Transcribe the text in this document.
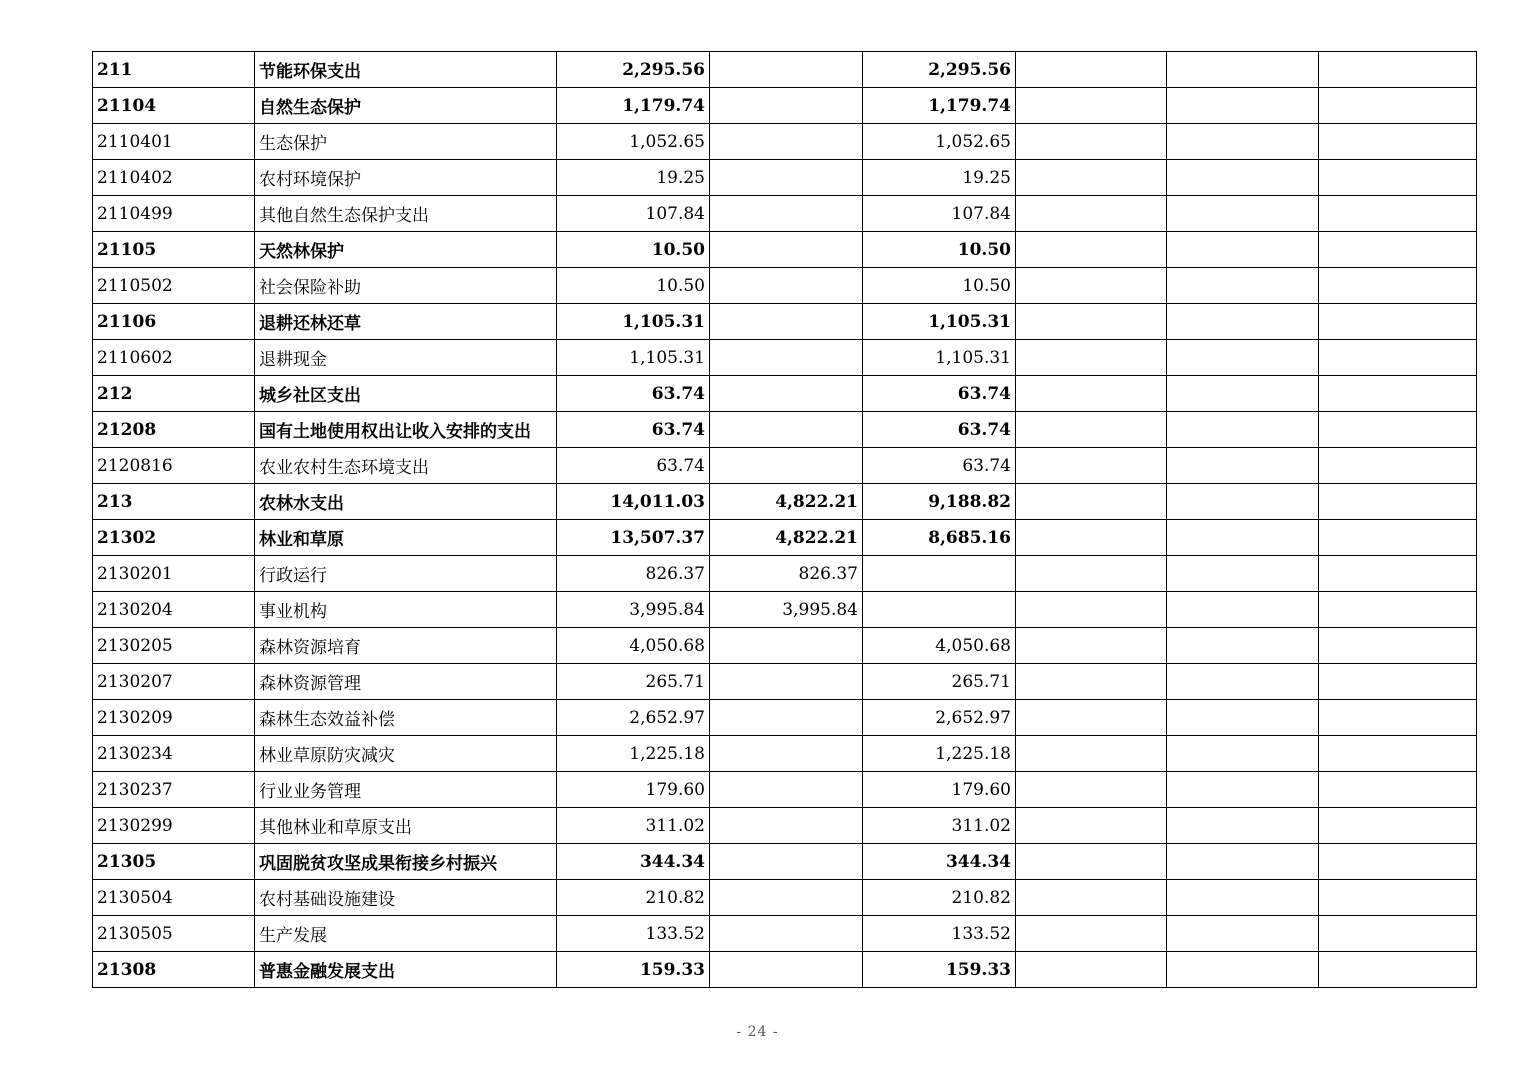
211	节能环保支出	2,295.56		2,295.56			
21104	自然生态保护	1,179.74		1,179.74			
2110401	生态保护	1,052.65		1,052.65			
2110402	农村环境保护	19.25		19.25			
2110499	其他自然生态保护支出	107.84		107.84			
21105	天然林保护	10.50		10.50			
2110502	社会保险补助	10.50		10.50			
21106	退耕还林还草	1,105.31		1,105.31			
2110602	退耕现金	1,105.31		1,105.31			
212	城乡社区支出	63.74		63.74			
21208	国有土地使用权出让收入安排的支出	63.74		63.74			
2120816	农业农村生态环境支出	63.74		63.74			
213	农林水支出	14,011.03	4,822.21	9,188.82			
21302	林业和草原	13,507.37	4,822.21	8,685.16			
2130201	行政运行	826.37	826.37				
2130204	事业机构	3,995.84	3,995.84				
2130205	森林资源培育	4,050.68		4,050.68			
2130207	森林资源管理	265.71		265.71			
2130209	森林生态效益补偿	2,652.97		2,652.97			
2130234	林业草原防灾减灾	1,225.18		1,225.18			
2130237	行业业务管理	179.60		179.60			
2130299	其他林业和草原支出	311.02		311.02			
21305	巩固脱贫攻坚成果衔接乡村振兴	344.34		344.34			
2130504	农村基础设施建设	210.82		210.82			
2130505	生产发展	133.52		133.52			
21308	普惠金融发展支出	159.33		159.33			
- 24 -
